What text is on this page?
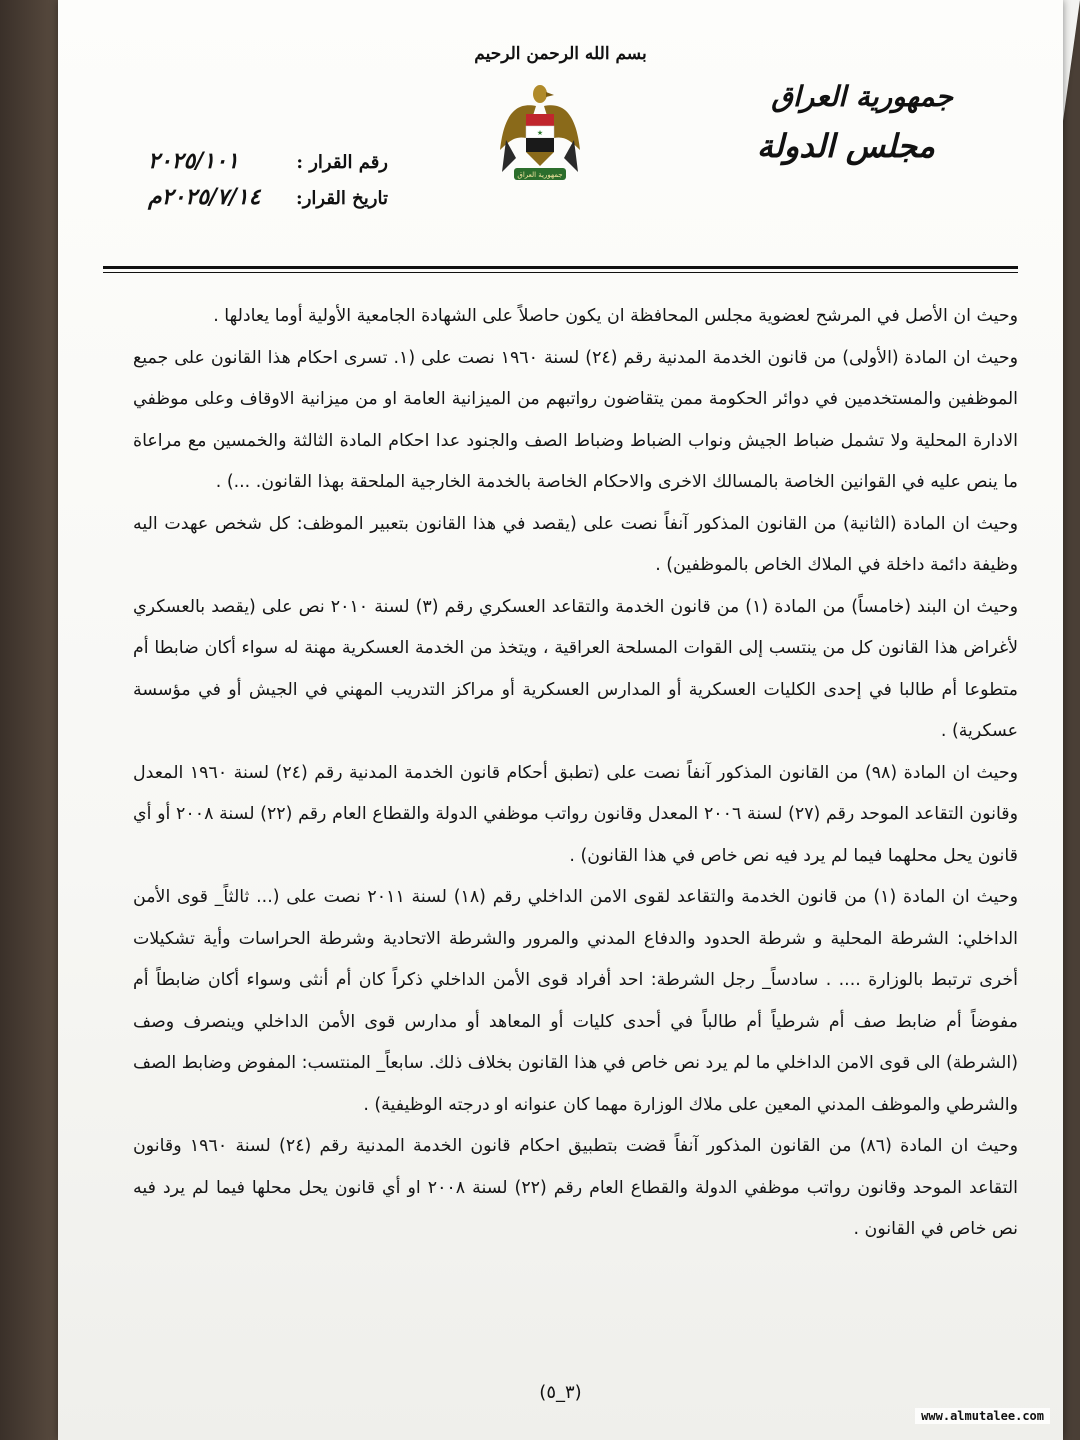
بسم الله الرحمن الرحيم
★
جمهورية العراق
جمهورية العراق
مجلس الدولة
رقم القرار :
٢٠٢٥/١٠١
تاريخ القرار:
٢٠٢٥/٧/١٤م

وحيث ان الأصل في المرشح لعضوية مجلس المحافظة ان يكون حاصلاً على الشهادة الجامعية الأولية أوما يعادلها .

وحيث ان المادة (الأولى) من قانون الخدمة المدنية رقم (٢٤) لسنة ١٩٦٠ نصت على (١. تسرى احكام هذا القانون على جميع الموظفين والمستخدمين في دوائر الحكومة ممن يتقاضون رواتبهم من الميزانية العامة او من ميزانية الاوقاف وعلى موظفي الادارة المحلية ولا تشمل ضباط الجيش ونواب الضباط وضباط الصف والجنود عدا احكام المادة الثالثة والخمسين مع مراعاة ما ينص عليه في القوانين الخاصة بالمسالك الاخرى والاحكام الخاصة بالخدمة الخارجية الملحقة بهذا القانون. ...) .

وحيث ان المادة (الثانية) من القانون المذكور آنفاً نصت على (يقصد في هذا القانون بتعبير الموظف: كل شخص عهدت اليه وظيفة دائمة داخلة في الملاك الخاص بالموظفين) .

وحيث ان البند (خامساً) من المادة (١) من قانون الخدمة والتقاعد العسكري رقم (٣) لسنة ٢٠١٠ نص على (يقصد بالعسكري لأغراض هذا القانون كل من ينتسب إلى القوات المسلحة العراقية ، ويتخذ من الخدمة العسكرية مهنة له سواء أكان ضابطا أم متطوعا أم طالبا في إحدى الكليات العسكرية أو المدارس العسكرية أو مراكز التدريب المهني في الجيش أو في مؤسسة عسكرية) .

وحيث ان المادة (٩٨) من القانون المذكور آنفاً نصت على (تطبق أحكام قانون الخدمة المدنية رقم (٢٤) لسنة ١٩٦٠ المعدل وقانون التقاعد الموحد رقم (٢٧) لسنة ٢٠٠٦ المعدل وقانون رواتب موظفي الدولة والقطاع العام رقم (٢٢) لسنة ٢٠٠٨ أو أي قانون يحل محلهما فيما لم يرد فيه نص خاص في هذا القانون) .

وحيث ان المادة (١) من قانون الخدمة والتقاعد لقوى الامن الداخلي رقم (١٨) لسنة ٢٠١١ نصت على (... ثالثاً_ قوى الأمن الداخلي: الشرطة المحلية و شرطة الحدود والدفاع المدني والمرور والشرطة الاتحادية وشرطة الحراسات وأية تشكيلات أخرى ترتبط بالوزارة .... . سادساً_ رجل الشرطة: احد أفراد قوى الأمن الداخلي ذكراً كان أم أنثى وسواء أكان ضابطاً أم مفوضاً أم ضابط صف أم شرطياً أم طالباً في أحدى كليات أو المعاهد أو مدارس قوى الأمن الداخلي وينصرف وصف (الشرطة) الى قوى الامن الداخلي ما لم يرد نص خاص في هذا القانون بخلاف ذلك. سابعاً_ المنتسب: المفوض وضابط الصف والشرطي والموظف المدني المعين على ملاك الوزارة مهما كان عنوانه او درجته الوظيفية) .

وحيث ان المادة (٨٦) من القانون المذكور آنفاً قضت بتطبيق احكام قانون الخدمة المدنية رقم (٢٤) لسنة ١٩٦٠ وقانون التقاعد الموحد وقانون رواتب موظفي الدولة والقطاع العام رقم (٢٢) لسنة ٢٠٠٨ او أي قانون يحل محلها فيما لم يرد فيه نص خاص في القانون .

(٣_٥)
www.almutalee.com
